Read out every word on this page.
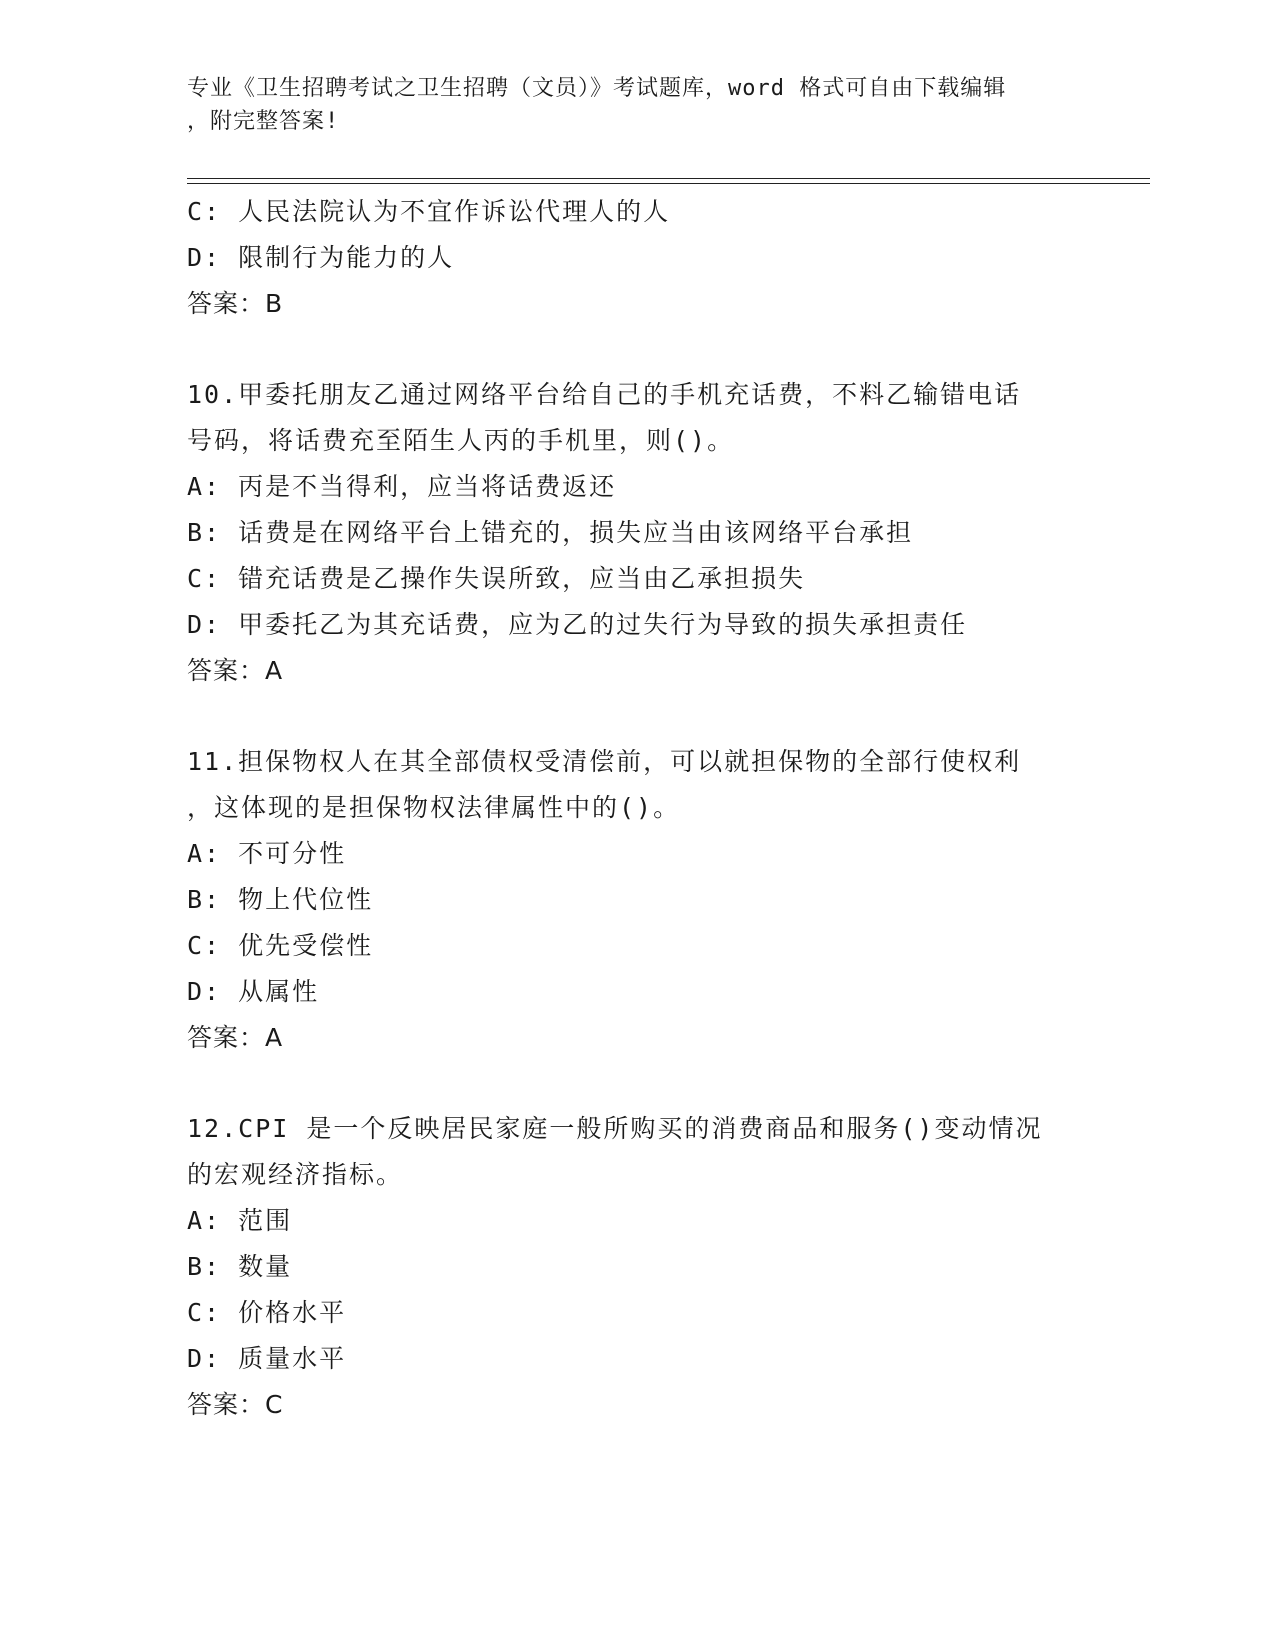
专业《卫生招聘考试之卫生招聘（文员）》考试题库，word 格式可自由下载编辑
，附完整答案!
C: 人民法院认为不宜作诉讼代理人的人
D: 限制行为能力的人
答案：B
10.甲委托朋友乙通过网络平台给自己的手机充话费，不料乙输错电话
号码，将话费充至陌生人丙的手机里，则()。
A: 丙是不当得利，应当将话费返还
B: 话费是在网络平台上错充的，损失应当由该网络平台承担
C: 错充话费是乙操作失误所致，应当由乙承担损失
D: 甲委托乙为其充话费，应为乙的过失行为导致的损失承担责任
答案：A
11.担保物权人在其全部债权受清偿前，可以就担保物的全部行使权利
，这体现的是担保物权法律属性中的()。
A: 不可分性
B: 物上代位性
C: 优先受偿性
D: 从属性
答案：A
12.CPI 是一个反映居民家庭一般所购买的消费商品和服务()变动情况
的宏观经济指标。
A: 范围
B: 数量
C: 价格水平
D: 质量水平
答案：C
